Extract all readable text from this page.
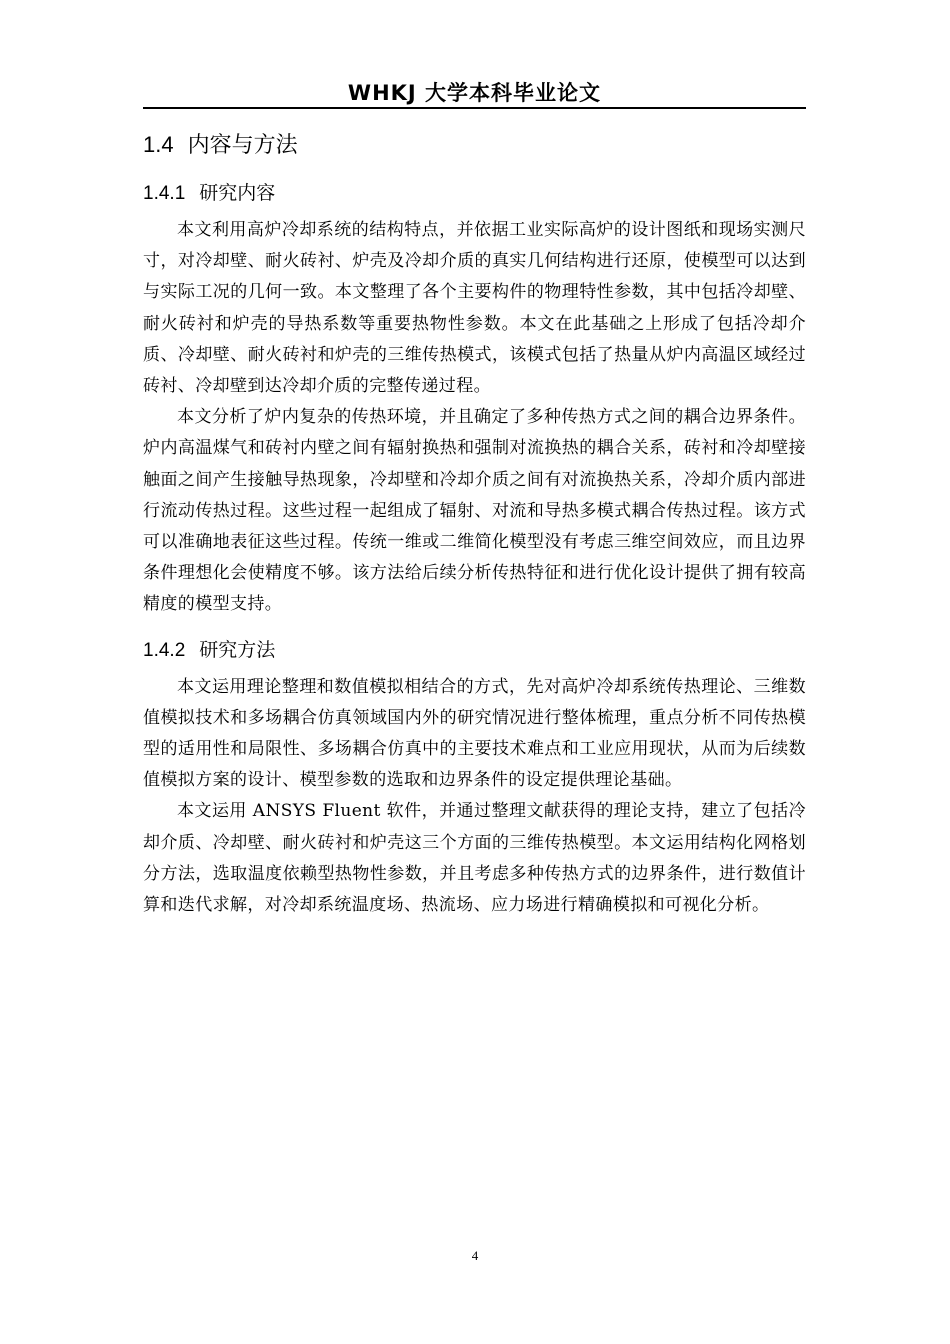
WHKJ 大学本科毕业论文
1.4 内容与方法
1.4.1 研究内容

本文利用高炉冷却系统的结构特点，并依据工业实际高炉的设计图纸和现场实测尺寸，对冷却壁、耐火砖衬、炉壳及冷却介质的真实几何结构进行还原，使模型可以达到与实际工况的几何一致。本文整理了各个主要构件的物理特性参数，其中包括冷却壁、耐火砖衬和炉壳的导热系数等重要热物性参数。本文在此基础之上形成了包括冷却介质、冷却壁、耐火砖衬和炉壳的三维传热模式，该模式包括了热量从炉内高温区域经过砖衬、冷却壁到达冷却介质的完整传递过程。

本文分析了炉内复杂的传热环境，并且确定了多种传热方式之间的耦合边界条件。炉内高温煤气和砖衬内壁之间有辐射换热和强制对流换热的耦合关系，砖衬和冷却壁接触面之间产生接触导热现象，冷却壁和冷却介质之间有对流换热关系，冷却介质内部进行流动传热过程。这些过程一起组成了辐射、对流和导热多模式耦合传热过程。该方式可以准确地表征这些过程。传统一维或二维简化模型没有考虑三维空间效应，而且边界条件理想化会使精度不够。该方法给后续分析传热特征和进行优化设计提供了拥有较高精度的模型支持。

1.4.2 研究方法

本文运用理论整理和数值模拟相结合的方式，先对高炉冷却系统传热理论、三维数值模拟技术和多场耦合仿真领域国内外的研究情况进行整体梳理，重点分析不同传热模型的适用性和局限性、多场耦合仿真中的主要技术难点和工业应用现状，从而为后续数值模拟方案的设计、模型参数的选取和边界条件的设定提供理论基础。

本文运用 ANSYS Fluent 软件，并通过整理文献获得的理论支持，建立了包括冷却介质、冷却壁、耐火砖衬和炉壳这三个方面的三维传热模型。本文运用结构化网格划分方法，选取温度依赖型热物性参数，并且考虑多种传热方式的边界条件，进行数值计算和迭代求解，对冷却系统温度场、热流场、应力场进行精确模拟和可视化分析。

4
